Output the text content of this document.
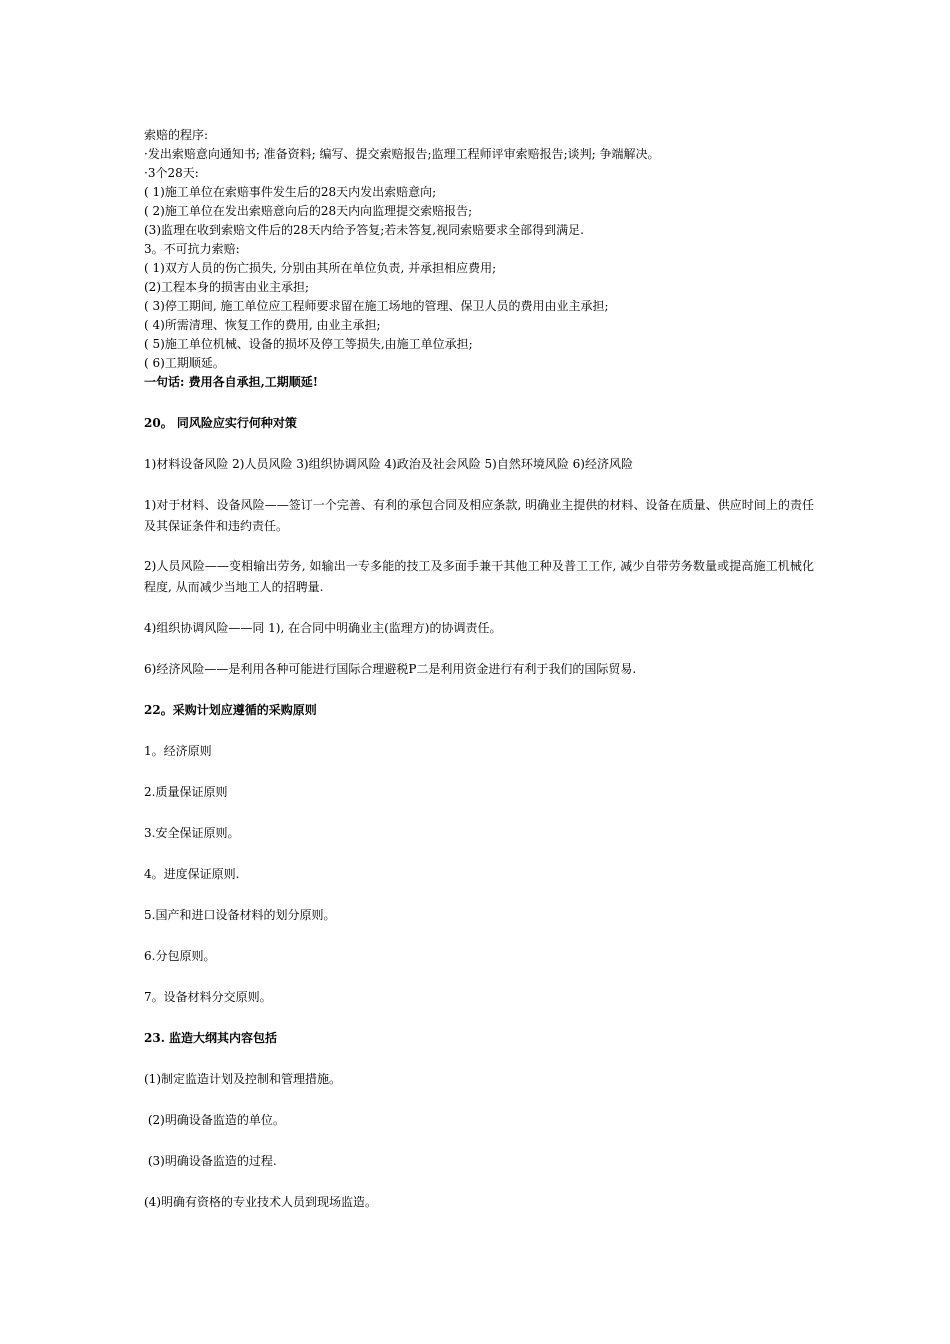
索赔的程序:
·发出索赔意向通知书; 准备资料; 编写、提交索赔报告;监理工程师评审索赔报告;谈判; 争端解决。
·3个28天:
( 1)施工单位在索赔事件发生后的28天内发出索赔意向;
( 2)施工单位在发出索赔意向后的28天内向监理提交索赔报告;
(3)监理在收到索赔文件后的28天内给予答复;若未答复,视同索赔要求全部得到满足.
3。不可抗力索赔:
( 1)双方人员的伤亡损失, 分别由其所在单位负责, 并承担相应费用;
(2)工程本身的损害由业主承担;
( 3)停工期间, 施工单位应工程师要求留在施工场地的管理、保卫人员的费用由业主承担;
( 4)所需清理、恢复工作的费用, 由业主承担;
( 5)施工单位机械、设备的损坏及停工等损失,由施工单位承担;
( 6)工期顺延。
一句话: 费用各自承担,工期顺延!
20。 同风险应实行何种对策
1)材料设备风险 2)人员风险 3)组织协调风险 4)政治及社会风险 5)自然环境风险 6)经济风险
1)对于材料、设备风险——签订一个完善、有利的承包合同及相应条款, 明确业主提供的材料、设备在质量、供应时间上的责任及其保证条件和违约责任。
2)人员风险——变相输出劳务, 如输出一专多能的技工及多面手兼干其他工种及普工工作, 减少自带劳务数量或提高施工机械化程度, 从而减少当地工人的招聘量.
4)组织协调风险——同 1), 在合同中明确业主(监理方)的协调责任。
6)经济风险——是利用各种可能进行国际合理避税P二是利用资金进行有利于我们的国际贸易.
22。采购计划应遵循的采购原则
1。经济原则
2.质量保证原则
3.安全保证原则。
4。进度保证原则.
5.国产和进口设备材料的划分原则。
6.分包原则。
7。设备材料分交原则。
23. 监造大纲其内容包括
(1)制定监造计划及控制和管理措施。
(2)明确设备监造的单位。
(3)明确设备监造的过程.
(4)明确有资格的专业技术人员到现场监造。
